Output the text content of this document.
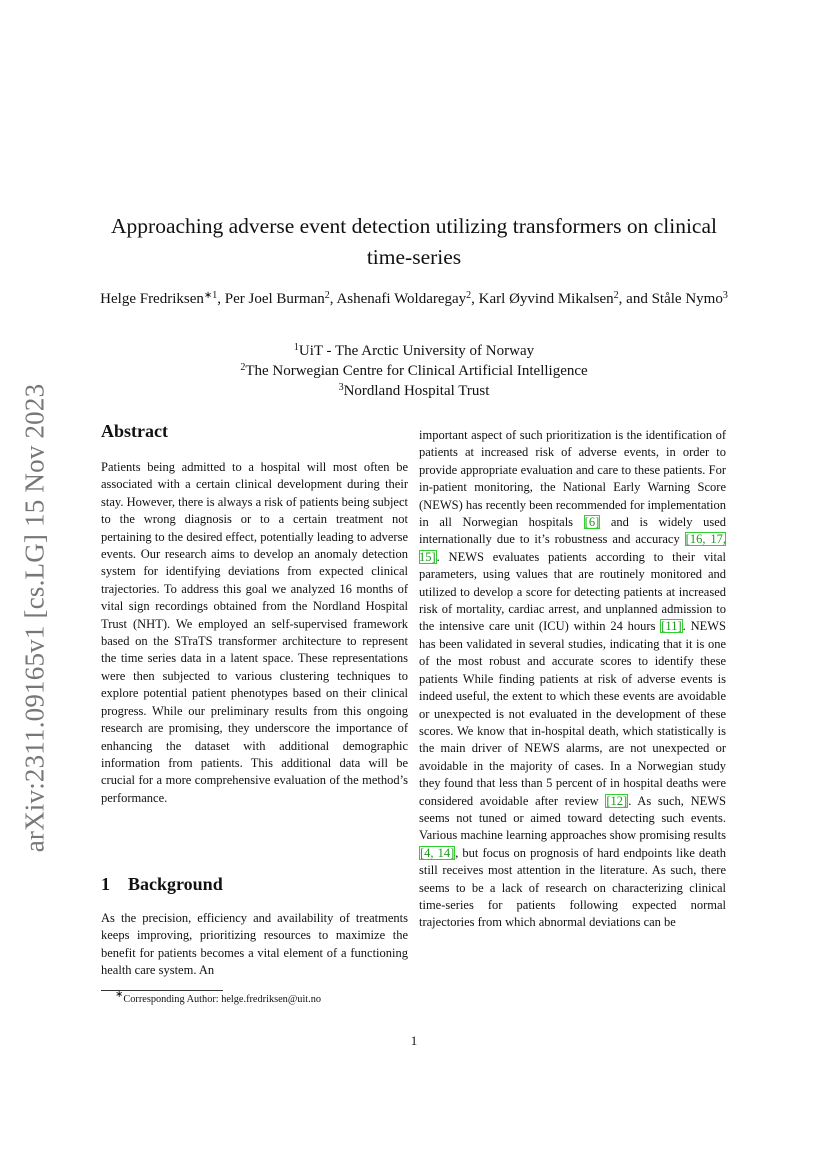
arXiv:2311.09165v1 [cs.LG] 15 Nov 2023
Approaching adverse event detection utilizing transformers on clinical time-series
Helge Fredriksen$^{∗1}$, Per Joel Burman$^2$, Ashenafi Woldaregay$^2$, Karl Øyvind Mikalsen$^2$, and Ståle Nymo$^3$
$^1$UiT - The Arctic University of Norway
$^2$The Norwegian Centre for Clinical Artificial Intelligence
$^3$Nordland Hospital Trust
Abstract
Patients being admitted to a hospital will most often be associated with a certain clinical development during their stay. However, there is always a risk of patients being subject to the wrong diagnosis or to a certain treatment not pertaining to the desired effect, potentially leading to adverse events. Our research aims to develop an anomaly detection system for identifying deviations from expected clinical trajectories. To address this goal we analyzed 16 months of vital sign recordings obtained from the Nordland Hospital Trust (NHT). We employed an self-supervised framework based on the STraTS transformer architecture to represent the time series data in a latent space. These representations were then subjected to various clustering techniques to explore potential patient phenotypes based on their clinical progress. While our preliminary results from this ongoing research are promising, they underscore the importance of enhancing the dataset with additional demographic information from patients. This additional data will be crucial for a more comprehensive evaluation of the method’s performance.
1 Background
As the precision, efficiency and availability of treatments keeps improving, prioritizing resources to maximize the benefit for patients becomes a vital element of a functioning health care system. An
important aspect of such prioritization is the identification of patients at increased risk of adverse events, in order to provide appropriate evaluation and care to these patients. For in-patient monitoring, the National Early Warning Score (NEWS) has recently been recommended for implementation in all Norwegian hospitals [6] and is widely used internationally due to it’s robustness and accuracy [16, 17, 15]. NEWS evaluates patients according to their vital parameters, using values that are routinely monitored and utilized to develop a score for detecting patients at increased risk of mortality, cardiac arrest, and unplanned admission to the intensive care unit (ICU) within 24 hours [11]. NEWS has been validated in several studies, indicating that it is one of the most robust and accurate scores to identify these patients While finding patients at risk of adverse events is indeed useful, the extent to which these events are avoidable or unexpected is not evaluated in the development of these scores. We know that in-hospital death, which statistically is the main driver of NEWS alarms, are not unexpected or avoidable in the majority of cases. In a Norwegian study they found that less than 5 percent of in hospital deaths were considered avoidable after review [12]. As such, NEWS seems not tuned or aimed toward detecting such events. Various machine learning approaches show promising results [4, 14], but focus on prognosis of hard endpoints like death still receives most attention in the literature. As such, there seems to be a lack of research on characterizing clinical time-series for patients following expected normal trajectories from which abnormal deviations can be
∗Corresponding Author: helge.fredriksen@uit.no
1
